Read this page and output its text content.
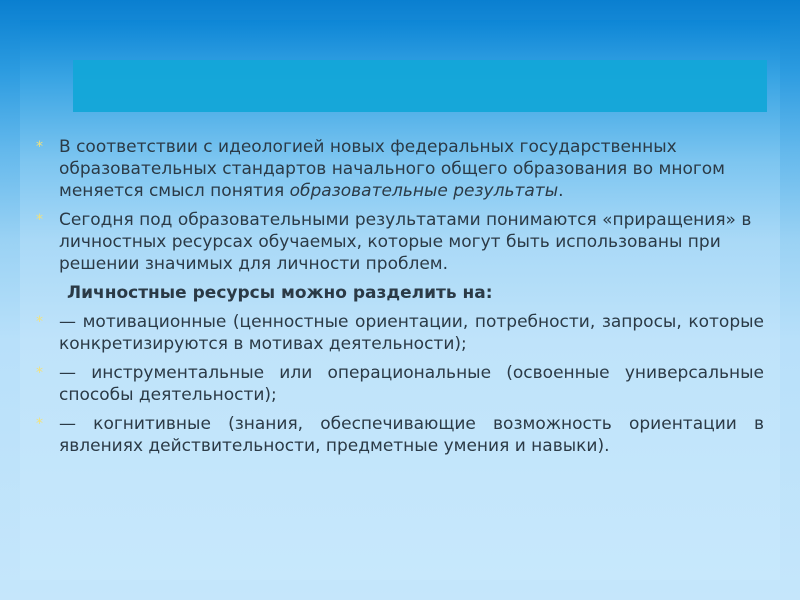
* В соответствии с идеологией новых федеральных государственных образовательных стандартов начального общего образования во многом меняется смысл понятия образовательные результаты.
* Сегодня под образовательными результатами понимаются «приращения» в личностных ресурсах обучаемых, которые могут быть использованы при решении значимых для личности проблем.
Личностные ресурсы можно разделить на:
* — мотивационные (ценностные ориентации, потребности, запросы, которые конкретизируются в мотивах деятельности);
* — инструментальные или операциональные (освоенные универсальные способы деятельности);
* — когнитивные (знания, обеспечивающие возможность ориентации в явлениях действительности, предметные умения и навыки).
